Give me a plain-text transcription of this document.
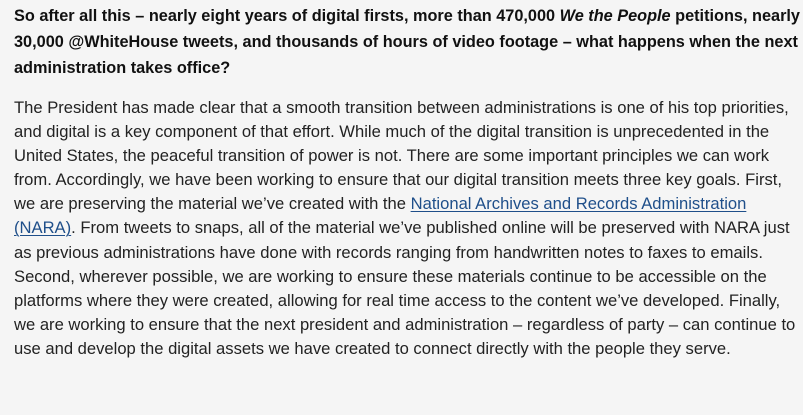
So after all this – nearly eight years of digital firsts, more than 470,000 We the People petitions, nearly 30,000 @WhiteHouse tweets, and thousands of hours of video footage – what happens when the next administration takes office?

The President has made clear that a smooth transition between administrations is one of his top priorities, and digital is a key component of that effort. While much of the digital transition is unprecedented in the United States, the peaceful transition of power is not. There are some important principles we can work from. Accordingly, we have been working to ensure that our digital transition meets three key goals. First, we are preserving the material we’ve created with the National Archives and Records Administration (NARA). From tweets to snaps, all of the material we’ve published online will be preserved with NARA just as previous administrations have done with records ranging from handwritten notes to faxes to emails. Second, wherever possible, we are working to ensure these materials continue to be accessible on the platforms where they were created, allowing for real time access to the content we’ve developed. Finally, we are working to ensure that the next president and administration – regardless of party – can continue to use and develop the digital assets we have created to connect directly with the people they serve.
